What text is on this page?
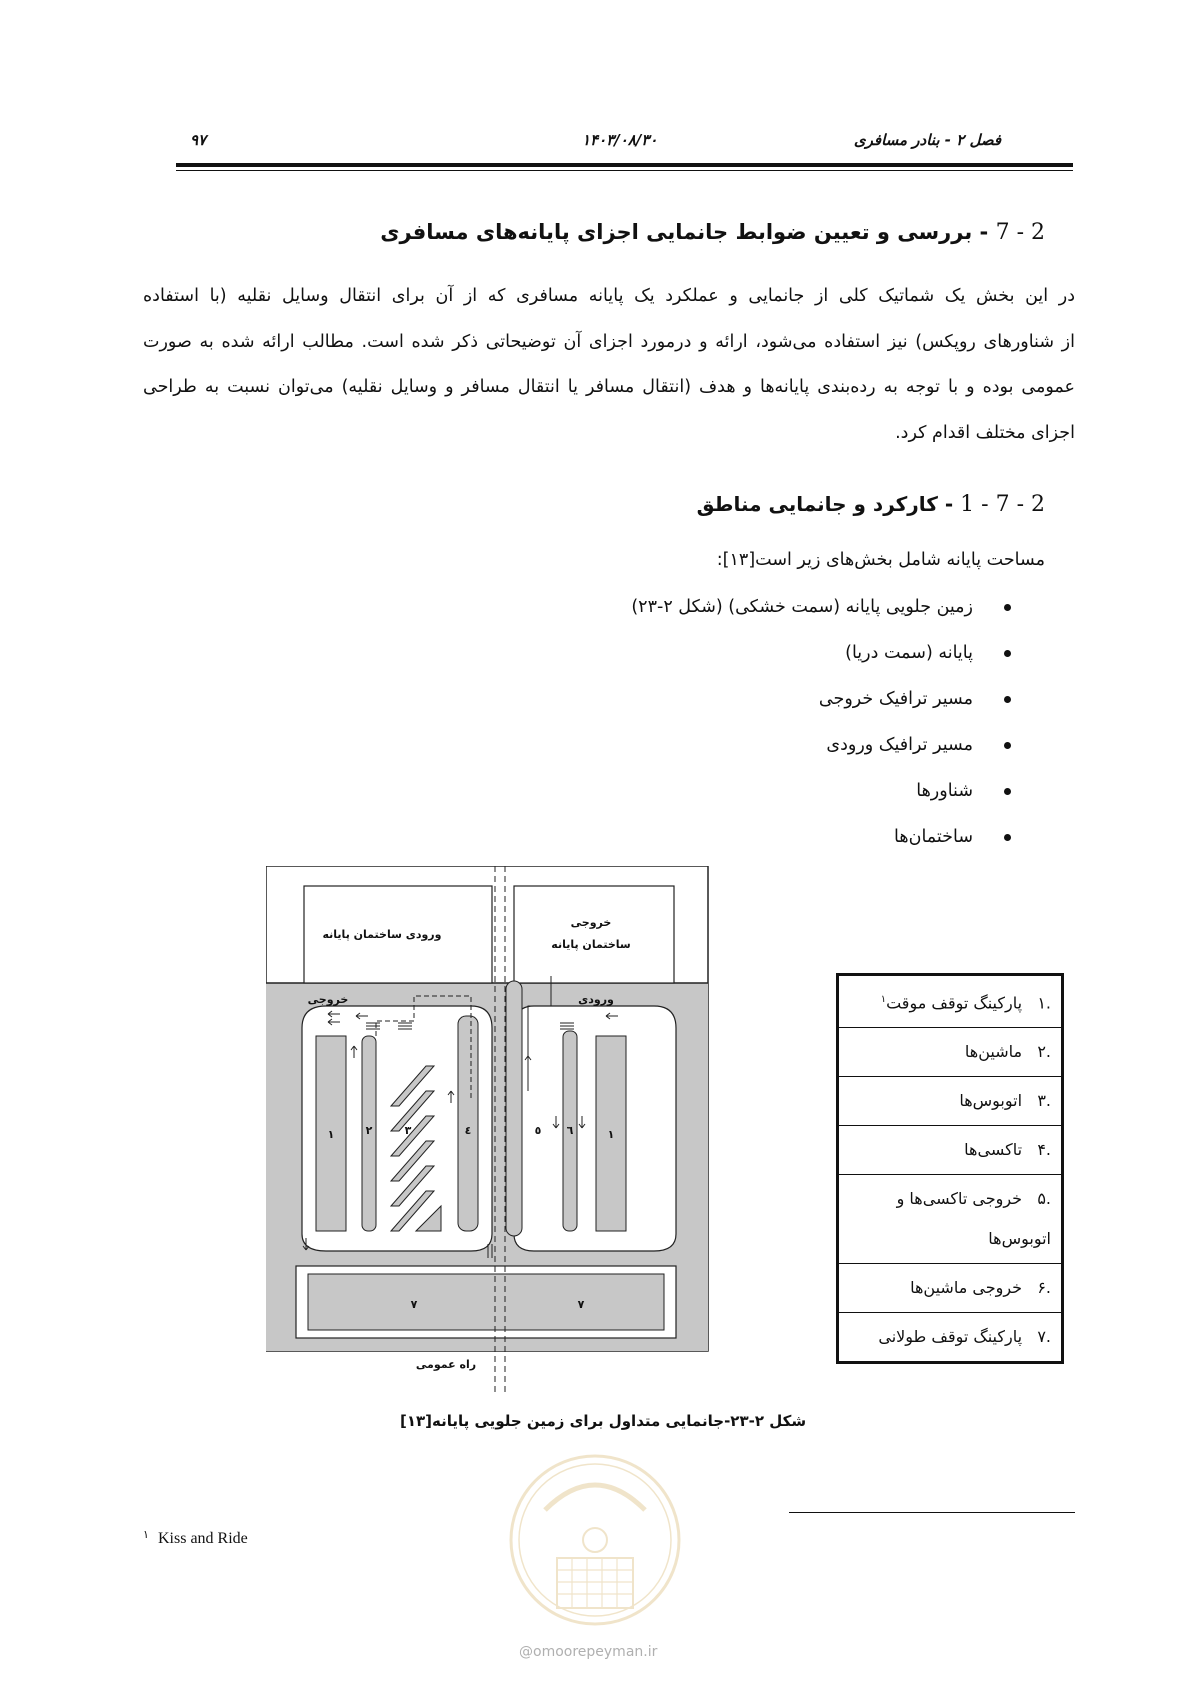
فصل ۲ - بنادر مسافری
۱۴۰۳/۰۸/۳۰
۹۷
2 - 7 - بررسی و تعیین ضوابط جانمایی اجزای پایانه‌های مسافری
در این بخش یک شماتیک کلی از جانمایی و عملکرد یک پایانه مسافری که از آن برای انتقال وسایل نقلیه (با استفاده
از شناورهای روپکس) نیز استفاده می‌شود، ارائه و درمورد اجزای آن توضیحاتی ذکر شده است. مطالب ارائه شده به صورت
عمومی بوده و با توجه به رده‌بندی پایانه‌ها و هدف (انتقال مسافر یا انتقال مسافر و وسایل نقلیه) می‌توان نسبت به طراحی
اجزای مختلف اقدام کرد.
2 - 7 - 1 - کارکرد و جانمایی مناطق
مساحت پایانه شامل بخش‌های زیر است[۱۳]:
زمین جلویی پایانه (سمت خشکی) (شکل ۲-۲۳)
پایانه (سمت دریا)
مسیر ترافیک خروجی
مسیر ترافیک ورودی
شناورها
ساختمان‌ها
ورودی ساختمان پایانه
خروجی
ساختمان پایانه
خروجی	ورودی
راه عمومی
۱	۲	۳	٤	٥ ٦	۱
۷	۷
.۱   پارکینگ توقف موقت$^۱$
.۲   ماشین‌ها
.۳   اتوبوس‌ها
.۴   تاکسی‌ها
.۵   خروجی تاکسی‌ها و
اتوبوس‌ها
.۶   خروجی ماشین‌ها
.۷   پارکینگ توقف طولانی
شکل ۲-۲۳-جانمایی متداول برای زمین جلویی پایانه[۱۳]
۱ Kiss and Ride
@omoorepeyman.ir
